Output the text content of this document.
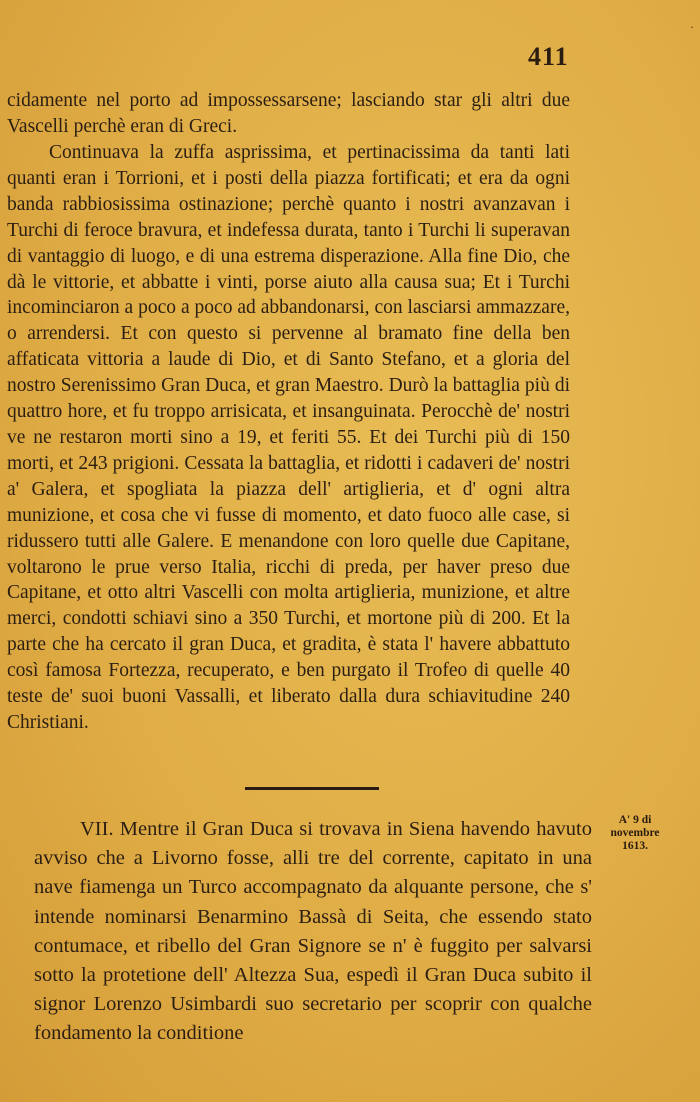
·
411

cidamente nel porto ad impossessarsene; lasciando star gli altri due
Vascelli perchè eran di Greci.

Continuava la zuffa asprissima, et pertinacissima da tanti lati quanti eran i Torrioni, et i posti della piazza fortificati; et era da ogni banda rabbiosissima ostinazione; perchè quanto i nostri avanzavan i Turchi di feroce bravura, et indefessa durata, tanto i Turchi li superavan di vantaggio di luogo, e di una estrema disperazione. Alla fine Dio, che dà le vittorie, et abbatte i vinti, porse aiuto alla causa sua; Et i Turchi incominciaron a poco a poco ad abbandonarsi, con lasciarsi ammazzare, o arrendersi. Et con questo si pervenne al bramato fine della ben affaticata vittoria a laude di Dio, et di Santo Stefano, et a gloria del nostro Serenissimo Gran Duca, et gran Maestro. Durò la battaglia più di quattro hore, et fu troppo arrisicata, et insanguinata. Perocchè de' nostri ve ne restaron morti sino a 19, et feriti 55. Et dei Turchi più di 150 morti, et 243 prigioni. Cessata la battaglia, et ridotti i cadaveri de' nostri a' Galera, et spogliata la piazza dell' artiglieria, et d' ogni altra munizione, et cosa che vi fusse di momento, et dato fuoco alle case, si ridussero tutti alle Galere. E menandone con loro quelle due Capitane, voltarono le prue verso Italia, ricchi di preda, per haver preso due Capitane, et otto altri Vascelli con molta artiglieria, munizione, et altre merci, condotti schiavi sino a 350 Turchi, et mortone più di 200. Et la parte che ha cercato il gran Duca, et gradita, è stata l' havere abbattuto così famosa Fortezza, recuperato, e ben purgato il Trofeo di quelle 40 teste de' suoi buoni Vassalli, et liberato dalla dura schiavitudine 240 Christiani.

A' 9 di
novembre
1613.

VII. Mentre il Gran Duca si trovava in Siena havendo havuto avviso che a Livorno fosse, alli tre del corrente, capitato in una nave fiamenga un Turco accompagnato da alquante persone, che s' intende nominarsi Benarmino Bassà di Seita, che essendo stato contumace, et ribello del Gran Signore se n' è fuggito per salvarsi sotto la protetione dell' Altezza Sua, espedì il Gran Duca subito il signor Lorenzo Usimbardi suo secretario per scoprir con qualche fondamento la conditione
